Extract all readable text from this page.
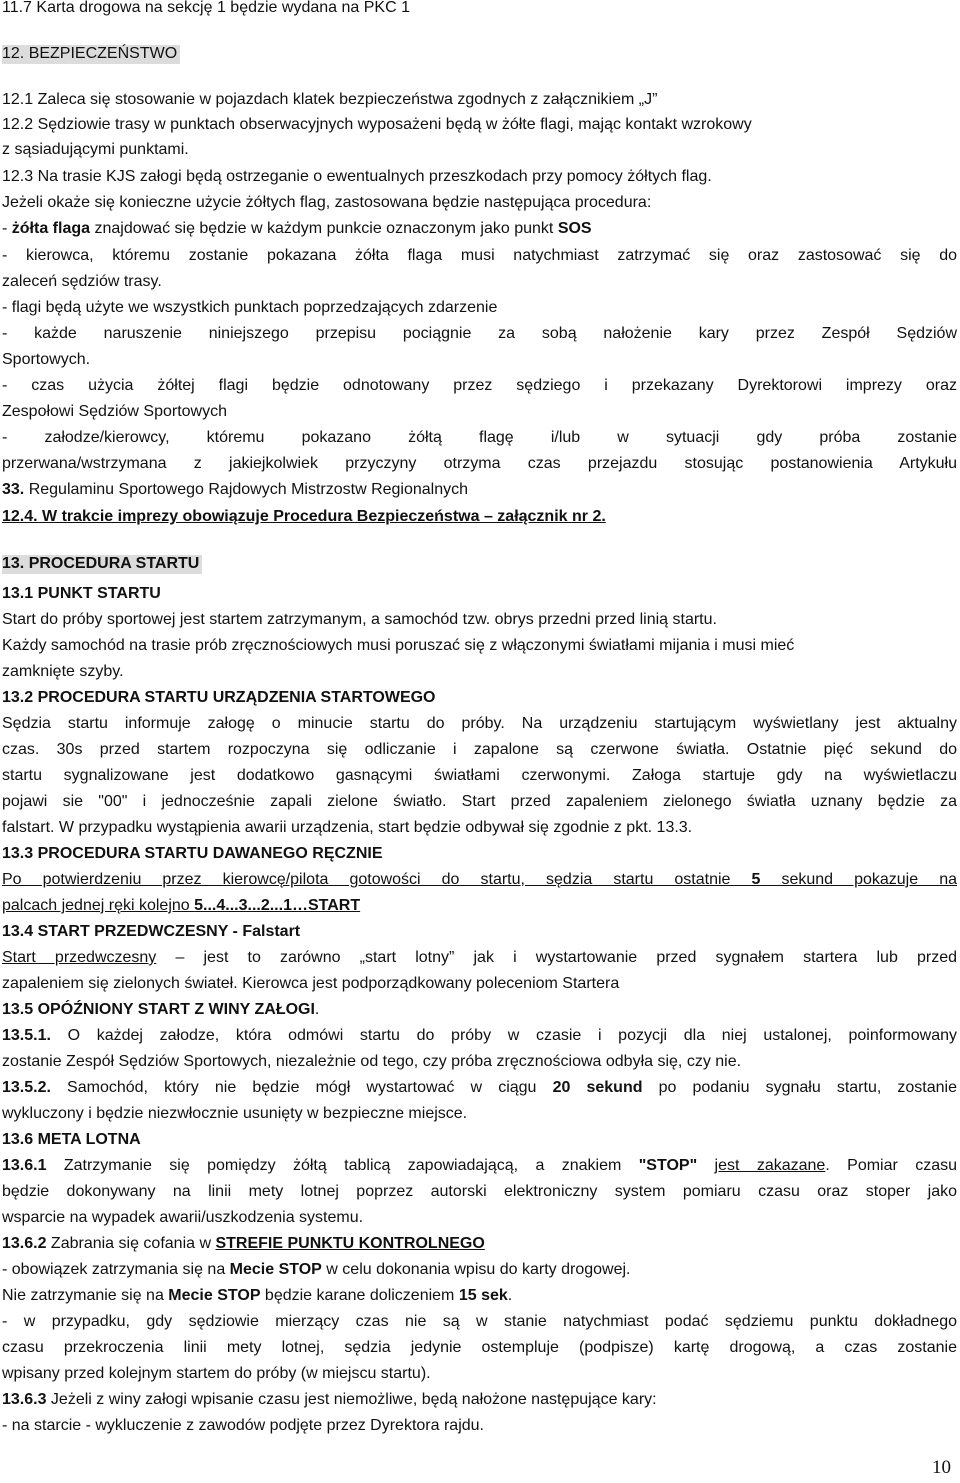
11.7 Karta drogowa na sekcję 1 będzie wydana na PKC 1
12. BEZPIECZEŃSTWO
12.1 Zaleca się stosowanie w pojazdach klatek bezpieczeństwa zgodnych z załącznikiem „J”
12.2 Sędziowie trasy w punktach obserwacyjnych wyposażeni będą w żółte flagi, mając kontakt wzrokowy
z sąsiadującymi punktami.
12.3 Na trasie KJS załogi będą ostrzeganie o ewentualnych przeszkodach przy pomocy żółtych flag.
Jeżeli okaże się konieczne użycie żółtych flag, zastosowana będzie następująca procedura:
- żółta flaga znajdować się będzie w każdym punkcie oznaczonym jako punkt SOS
- kierowca, któremu zostanie pokazana żółta flaga musi natychmiast zatrzymać się oraz zastosować się do
zaleceń sędziów trasy.
- flagi będą użyte we wszystkich punktach poprzedzających zdarzenie
- każde naruszenie niniejszego przepisu pociągnie za sobą nałożenie kary przez Zespół Sędziów
Sportowych.
- czas użycia żółtej flagi będzie odnotowany przez sędziego i przekazany Dyrektorowi imprezy oraz
Zespołowi Sędziów Sportowych
- załodze/kierowcy, któremu pokazano żółtą flagę i/lub w sytuacji gdy próba zostanie
przerwana/wstrzymana z jakiejkolwiek przyczyny otrzyma czas przejazdu stosując postanowienia Artykułu
33. Regulaminu Sportowego Rajdowych Mistrzostw Regionalnych
12.4. W trakcie imprezy obowiązuje Procedura Bezpieczeństwa – załącznik nr 2.
13. PROCEDURA STARTU
13.1 PUNKT STARTU
Start do próby sportowej jest startem zatrzymanym, a samochód tzw. obrys przedni przed linią startu.
Każdy samochód na trasie prób zręcznościowych musi poruszać się z włączonymi światłami mijania i musi mieć
zamknięte szyby.
13.2 PROCEDURA STARTU URZĄDZENIA STARTOWEGO
Sędzia startu informuje załogę o minucie startu do próby. Na urządzeniu startującym wyświetlany jest aktualny
czas. 30s przed startem rozpoczyna się odliczanie i zapalone są czerwone światła. Ostatnie pięć sekund do
startu sygnalizowane jest dodatkowo gasnącymi światłami czerwonymi. Załoga startuje gdy na wyświetlaczu
pojawi sie "00" i jednocześnie zapali zielone światło. Start przed zapaleniem zielonego światła uznany będzie za
falstart. W przypadku wystąpienia awarii urządzenia, start będzie odbywał się zgodnie z pkt. 13.3.
13.3 PROCEDURA STARTU DAWANEGO RĘCZNIE
Po potwierdzeniu przez kierowcę/pilota gotowości do startu, sędzia startu ostatnie 5 sekund pokazuje na
palcach jednej ręki kolejno 5...4...3...2...1…START
13.4 START PRZEDWCZESNY - Falstart
Start przedwczesny – jest to zarówno „start lotny” jak i wystartowanie przed sygnałem startera lub przed
zapaleniem się zielonych świateł. Kierowca jest podporządkowany poleceniom Startera
13.5 OPÓŹNIONY START Z WINY ZAŁOGI.
13.5.1. O każdej załodze, która odmówi startu do próby w czasie i pozycji dla niej ustalonej, poinformowany
zostanie Zespół Sędziów Sportowych, niezależnie od tego, czy próba zręcznościowa odbyła się, czy nie.
13.5.2. Samochód, który nie będzie mógł wystartować w ciągu 20 sekund po podaniu sygnału startu, zostanie
wykluczony i będzie niezwłocznie usunięty w bezpieczne miejsce.
13.6 META LOTNA
13.6.1 Zatrzymanie się pomiędzy żółtą tablicą zapowiadającą, a znakiem "STOP" jest zakazane. Pomiar czasu
będzie dokonywany na linii mety lotnej poprzez autorski elektroniczny system pomiaru czasu oraz stoper jako
wsparcie na wypadek awarii/uszkodzenia systemu.
13.6.2 Zabrania się cofania w STREFIE PUNKTU KONTROLNEGO
- obowiązek zatrzymania się na Mecie STOP w celu dokonania wpisu do karty drogowej.
Nie zatrzymanie się na Mecie STOP będzie karane doliczeniem 15 sek.
- w przypadku, gdy sędziowie mierzący czas nie są w stanie natychmiast podać sędziemu punktu dokładnego
czasu przekroczenia linii mety lotnej, sędzia jedynie ostempluje (podpisze) kartę drogową, a czas zostanie
wpisany przed kolejnym startem do próby (w miejscu startu).
13.6.3 Jeżeli z winy załogi wpisanie czasu jest niemożliwe, będą nałożone następujące kary:
- na starcie - wykluczenie z zawodów podjęte przez Dyrektora rajdu.
10
